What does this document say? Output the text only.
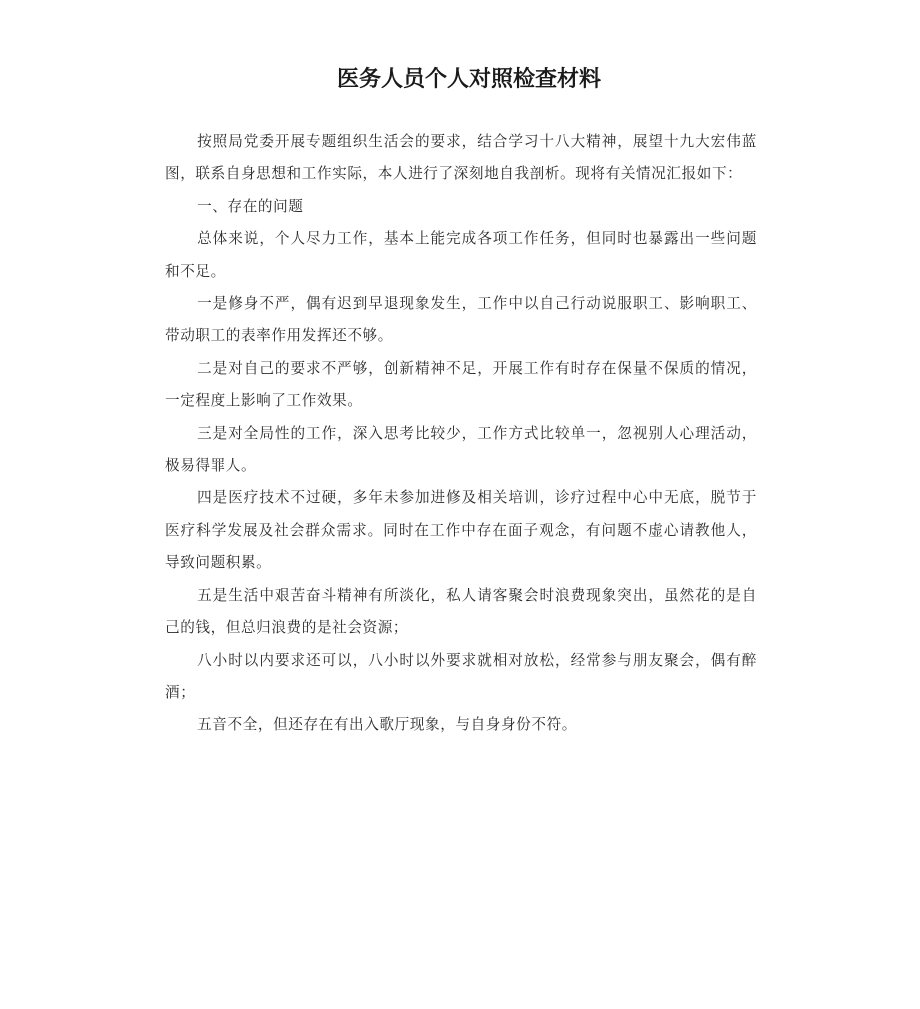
医务人员个人对照检查材料

按照局党委开展专题组织生活会的要求，结合学习十八大精神，展望十九大宏伟蓝图，联系自身思想和工作实际，本人进行了深刻地自我剖析。现将有关情况汇报如下：

一、存在的问题

总体来说，个人尽力工作，基本上能完成各项工作任务，但同时也暴露出一些问题和不足。

一是修身不严，偶有迟到早退现象发生，工作中以自己行动说服职工、影响职工、带动职工的表率作用发挥还不够。

二是对自己的要求不严够，创新精神不足，开展工作有时存在保量不保质的情况，一定程度上影响了工作效果。

三是对全局性的工作，深入思考比较少，工作方式比较单一，忽视别人心理活动，极易得罪人。

四是医疗技术不过硬，多年未参加进修及相关培训，诊疗过程中心中无底，脱节于医疗科学发展及社会群众需求。同时在工作中存在面子观念，有问题不虚心请教他人，导致问题积累。

五是生活中艰苦奋斗精神有所淡化，私人请客聚会时浪费现象突出，虽然花的是自己的钱，但总归浪费的是社会资源；

八小时以内要求还可以，八小时以外要求就相对放松，经常参与朋友聚会，偶有醉酒；

五音不全，但还存在有出入歌厅现象，与自身身份不符。
